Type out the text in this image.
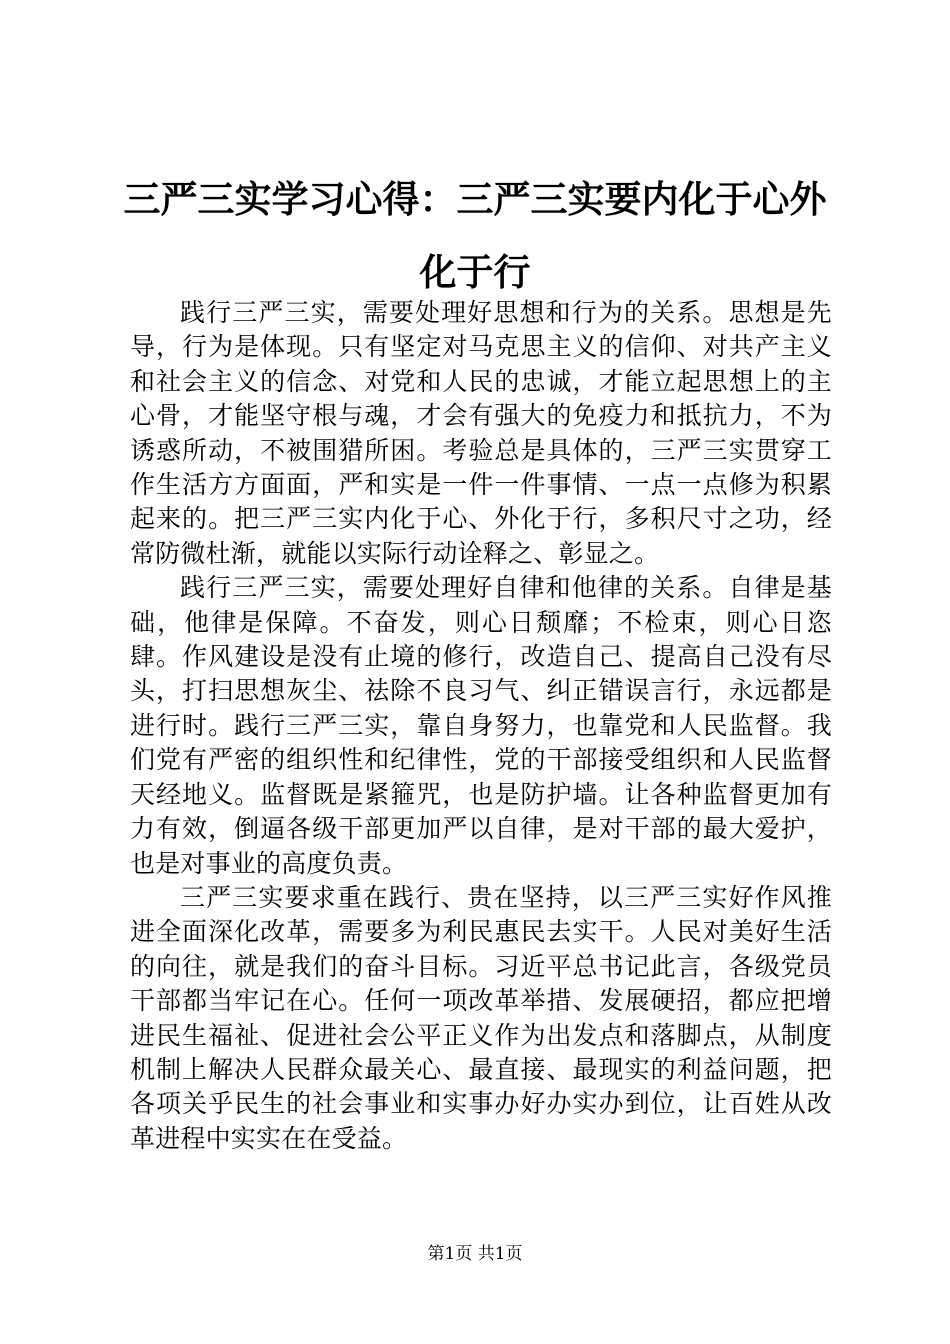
三严三实学习心得：三严三实要内化于心外化于行

践行三严三实，需要处理好思想和行为的关系。思想是先导，行为是体现。只有坚定对马克思主义的信仰、对共产主义和社会主义的信念、对党和人民的忠诚，才能立起思想上的主心骨，才能坚守根与魂，才会有强大的免疫力和抵抗力，不为诱惑所动，不被围猎所困。考验总是具体的，三严三实贯穿工作生活方方面面，严和实是一件一件事情、一点一点修为积累起来的。把三严三实内化于心、外化于行，多积尺寸之功，经常防微杜渐，就能以实际行动诠释之、彰显之。

践行三严三实，需要处理好自律和他律的关系。自律是基础，他律是保障。不奋发，则心日颓靡；不检束，则心日恣肆。作风建设是没有止境的修行，改造自己、提高自己没有尽头，打扫思想灰尘、祛除不良习气、纠正错误言行，永远都是进行时。践行三严三实，靠自身努力，也靠党和人民监督。我们党有严密的组织性和纪律性，党的干部接受组织和人民监督天经地义。监督既是紧箍咒，也是防护墙。让各种监督更加有力有效，倒逼各级干部更加严以自律，是对干部的最大爱护，也是对事业的高度负责。

三严三实要求重在践行、贵在坚持，以三严三实好作风推进全面深化改革，需要多为利民惠民去实干。人民对美好生活的向往，就是我们的奋斗目标。习近平总书记此言，各级党员干部都当牢记在心。任何一项改革举措、发展硬招，都应把增进民生福祉、促进社会公平正义作为出发点和落脚点，从制度机制上解决人民群众最关心、最直接、最现实的利益问题，把各项关乎民生的社会事业和实事办好办实办到位，让百姓从改革进程中实实在在受益。

第1页 共1页
